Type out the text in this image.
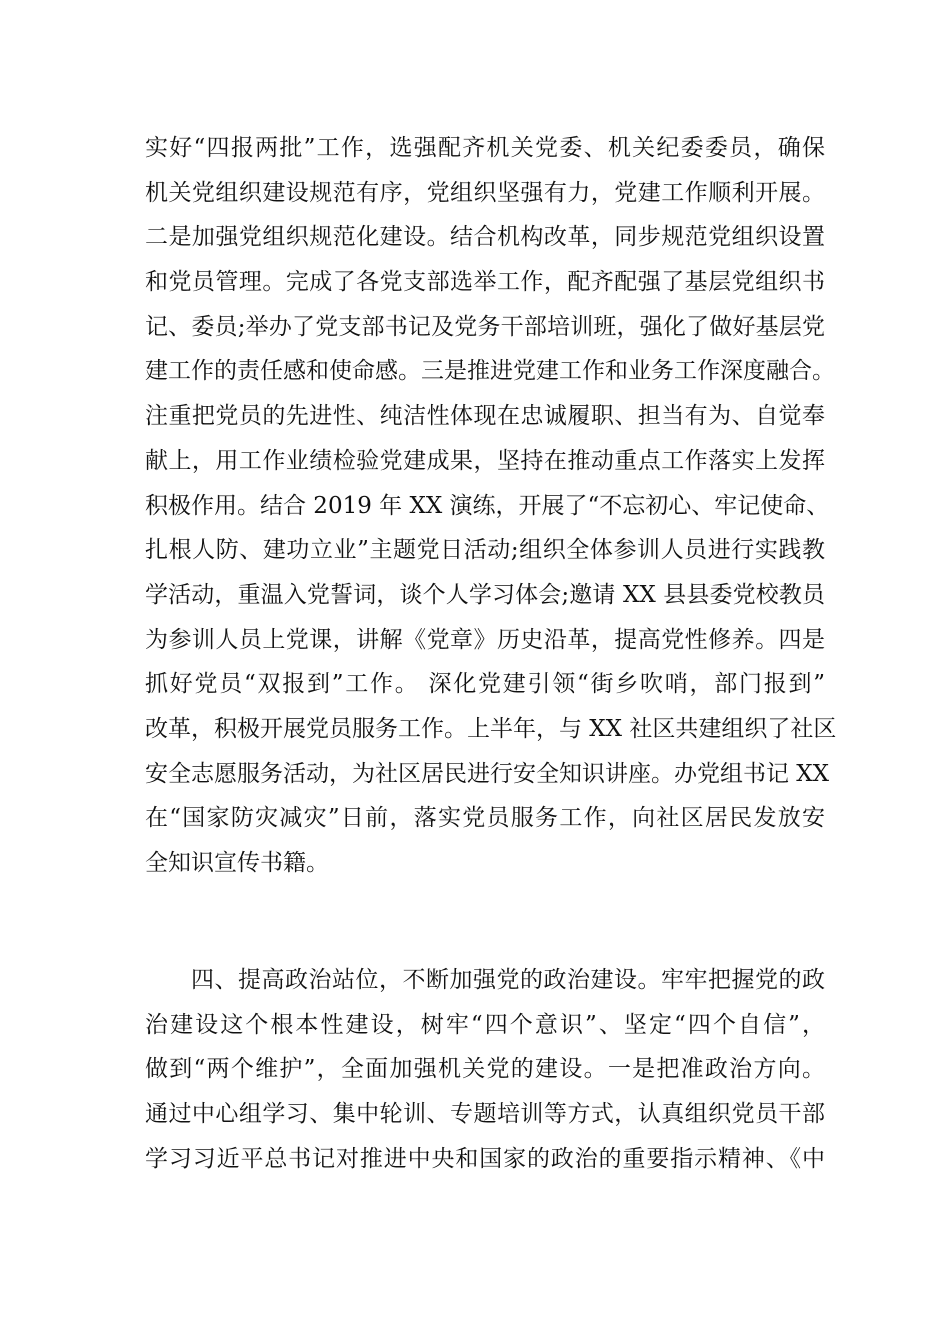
实好“四报两批”工作，选强配齐机关党委、机关纪委委员，确保
机关党组织建设规范有序，党组织坚强有力，党建工作顺利开展。
二是加强党组织规范化建设。结合机构改革，同步规范党组织设置
和党员管理。完成了各党支部选举工作，配齐配强了基层党组织书
记、委员;举办了党支部书记及党务干部培训班，强化了做好基层党
建工作的责任感和使命感。三是推进党建工作和业务工作深度融合。
注重把党员的先进性、纯洁性体现在忠诚履职、担当有为、自觉奉
献上，用工作业绩检验党建成果，坚持在推动重点工作落实上发挥
积极作用。结合 2019 年 XX 演练，开展了“不忘初心、牢记使命、
扎根人防、建功立业”主题党日活动;组织全体参训人员进行实践教
学活动，重温入党誓词，谈个人学习体会;邀请 XX 县县委党校教员
为参训人员上党课，讲解《党章》历史沿革，提高党性修养。四是
抓好党员“双报到”工作。 深化党建引领“街乡吹哨，部门报到”
改革，积极开展党员服务工作。上半年，与 XX 社区共建组织了社区
安全志愿服务活动，为社区居民进行安全知识讲座。办党组书记 XX
在“国家防灾减灾”日前，落实党员服务工作，向社区居民发放安
全知识宣传书籍。
四、提高政治站位，不断加强党的政治建设。牢牢把握党的政
治建设这个根本性建设，树牢“四个意识”、坚定“四个自信”，
做到“两个维护”，全面加强机关党的建设。一是把准政治方向。
通过中心组学习、集中轮训、专题培训等方式，认真组织党员干部
学习习近平总书记对推进中央和国家的政治的重要指示精神、《中
